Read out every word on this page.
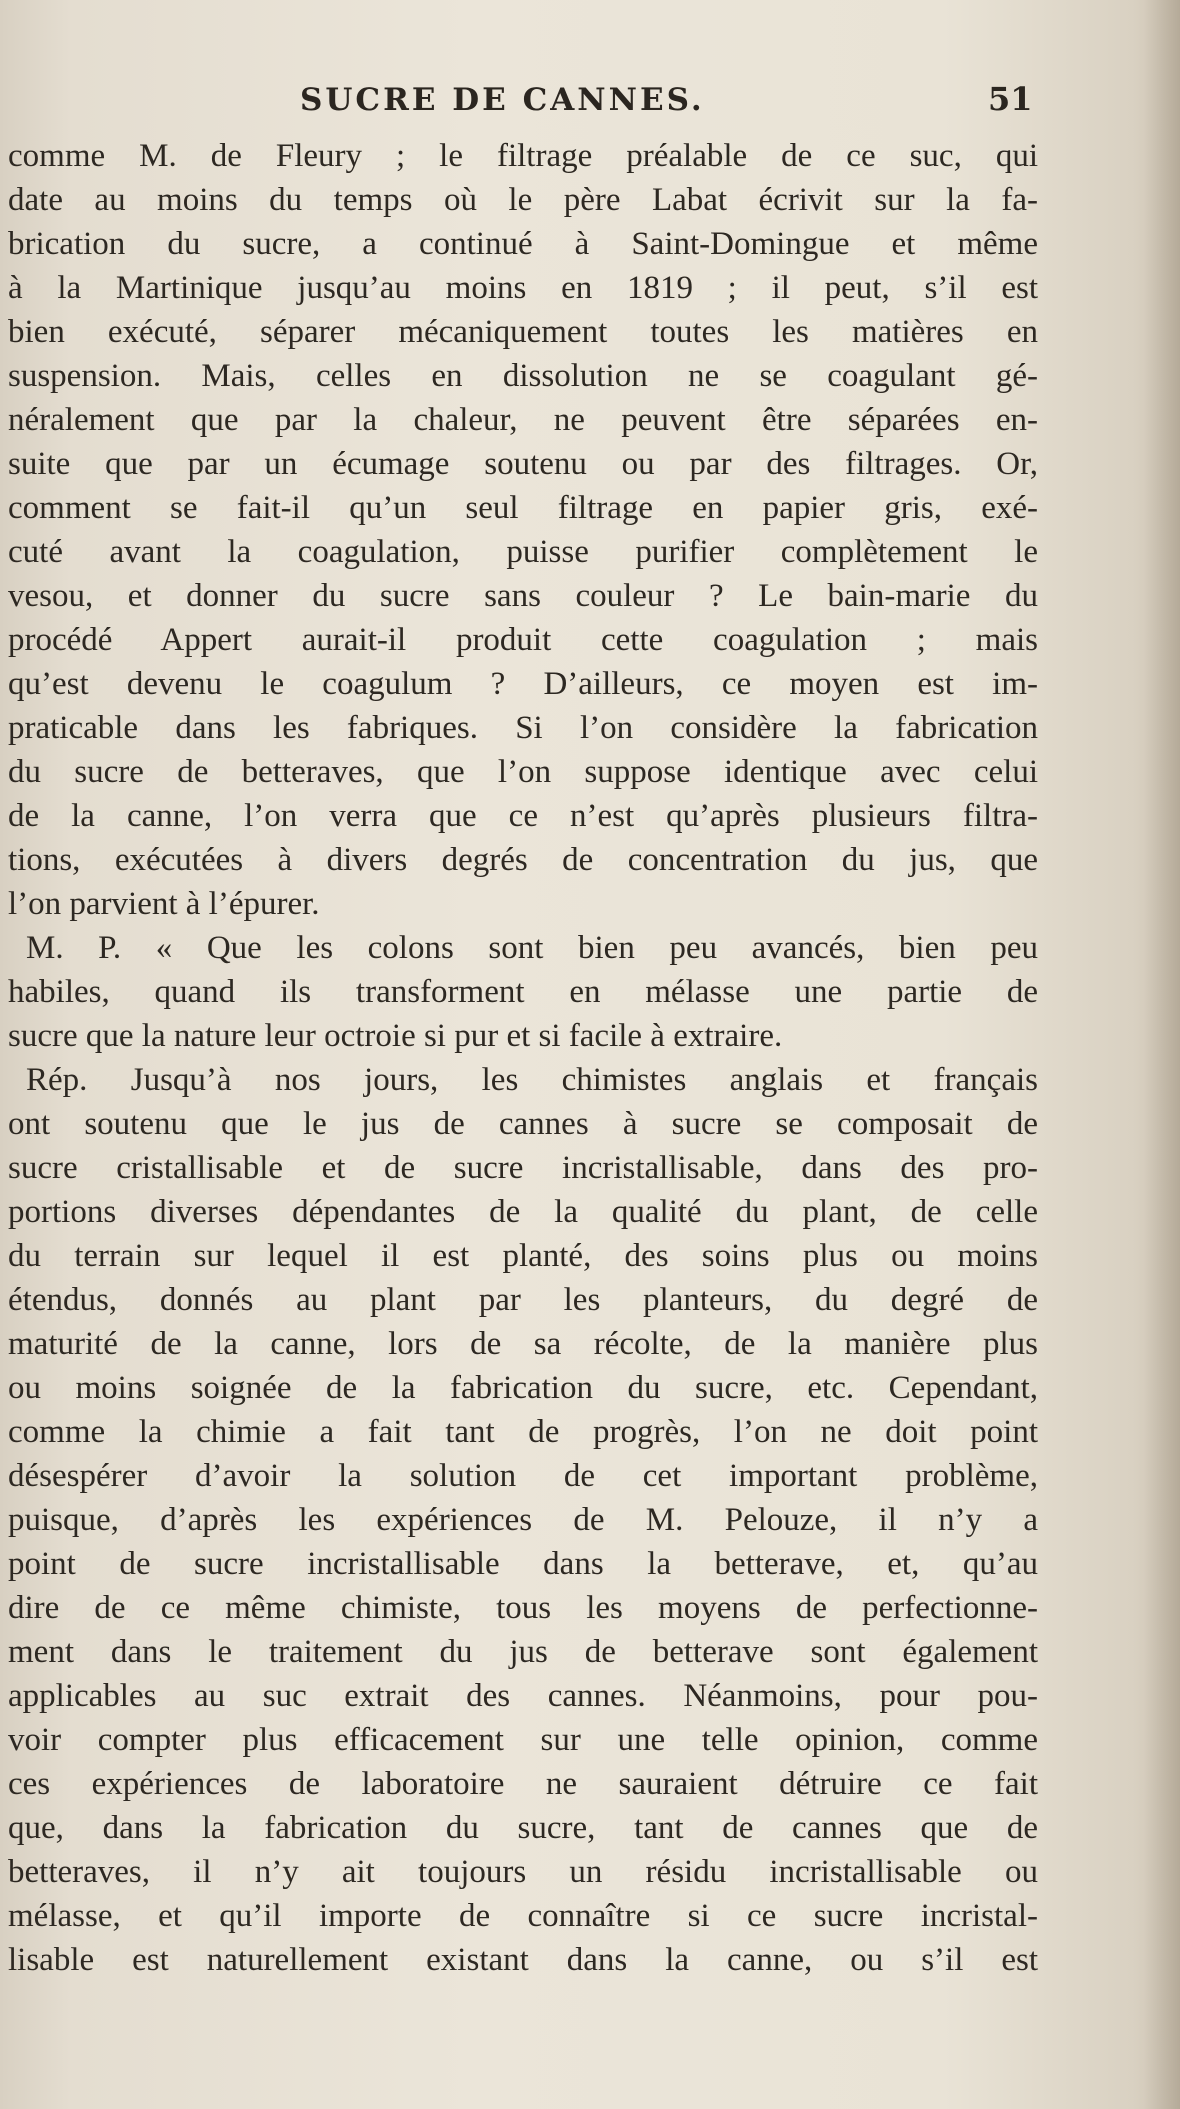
SUCRE DE CANNES.	51
comme M. de Fleury ; le filtrage préalable de ce suc, qui
date au moins du temps où le père Labat écrivit sur la fa-
brication du sucre, a continué à Saint-Domingue et même
à la Martinique jusqu’au moins en 1819 ; il peut, s’il est
bien exécuté, séparer mécaniquement toutes les matières en
suspension. Mais, celles en dissolution ne se coagulant gé-
néralement que par la chaleur, ne peuvent être séparées en-
suite que par un écumage soutenu ou par des filtrages. Or,
comment se fait-il qu’un seul filtrage en papier gris, exé-
cuté avant la coagulation, puisse purifier complètement le
vesou, et donner du sucre sans couleur ? Le bain-marie du
procédé Appert aurait-il produit cette coagulation ; mais
qu’est devenu le coagulum ? D’ailleurs, ce moyen est im-
praticable dans les fabriques. Si l’on considère la fabrication
du sucre de betteraves, que l’on suppose identique avec celui
de la canne, l’on verra que ce n’est qu’après plusieurs filtra-
tions, exécutées à divers degrés de concentration du jus, que
l’on parvient à l’épurer.
M. P. « Que les colons sont bien peu avancés, bien peu
habiles, quand ils transforment en mélasse une partie de
sucre que la nature leur octroie si pur et si facile à extraire.
Rép. Jusqu’à nos jours, les chimistes anglais et français
ont soutenu que le jus de cannes à sucre se composait de
sucre cristallisable et de sucre incristallisable, dans des pro-
portions diverses dépendantes de la qualité du plant, de celle
du terrain sur lequel il est planté, des soins plus ou moins
étendus, donnés au plant par les planteurs, du degré de
maturité de la canne, lors de sa récolte, de la manière plus
ou moins soignée de la fabrication du sucre, etc. Cependant,
comme la chimie a fait tant de progrès, l’on ne doit point
désespérer d’avoir la solution de cet important problème,
puisque, d’après les expériences de M. Pelouze, il n’y a
point de sucre incristallisable dans la betterave, et, qu’au
dire de ce même chimiste, tous les moyens de perfectionne-
ment dans le traitement du jus de betterave sont également
applicables au suc extrait des cannes. Néanmoins, pour pou-
voir compter plus efficacement sur une telle opinion, comme
ces expériences de laboratoire ne sauraient détruire ce fait
que, dans la fabrication du sucre, tant de cannes que de
betteraves, il n’y ait toujours un résidu incristallisable ou
mélasse, et qu’il importe de connaître si ce sucre incristal-
lisable est naturellement existant dans la canne, ou s’il est
